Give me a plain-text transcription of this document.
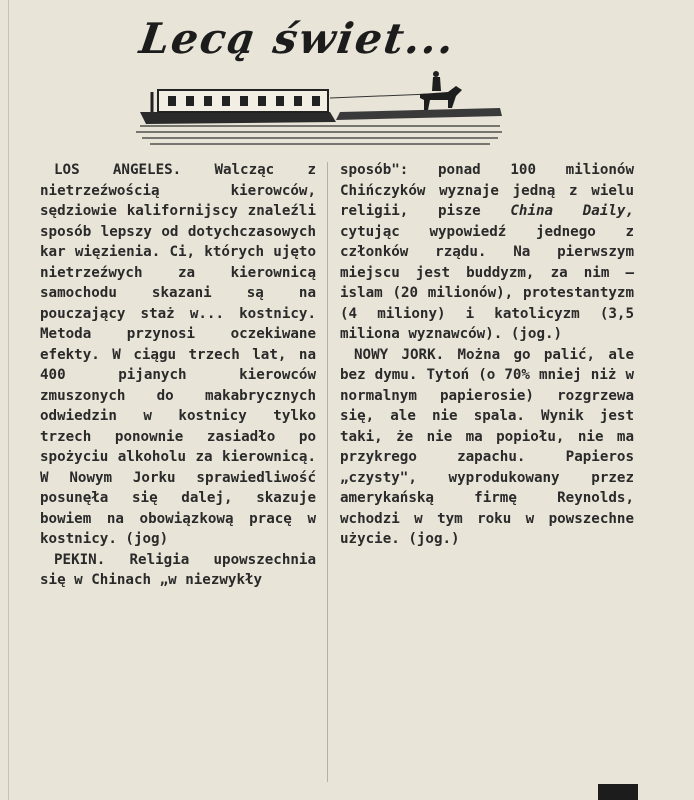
Lecą świet...

LOS ANGELES. Walcząc z nietrzeźwością kierowców, sędziowie kalifornijscy znaleźli sposób lepszy od dotychczasowych kar więzienia. Ci, których ujęto nietrzeźwych za kierownicą samochodu skazani są na pouczający staż w... kostnicy. Metoda przynosi oczekiwane efekty. W ciągu trzech lat, na 400 pijanych kierowców zmuszonych do makabrycznych odwiedzin w kostnicy tylko trzech ponownie zasiadło po spożyciu alkoholu za kierownicą. W Nowym Jorku sprawiedliwość posunęła się dalej, skazuje bowiem na obowiązkową pracę w kostnicy. (jog)

PEKIN. Religia upowszechnia się w Chinach „w niezwykły

sposób": ponad 100 milionów Chińczyków wyznaje jedną z wielu religii, pisze China Daily, cytując wypowiedź jednego z członków rządu. Na pierwszym miejscu jest buddyzm, za nim — islam (20 milionów), protestantyzm (4 miliony) i katolicyzm (3,5 miliona wyznawców). (jog.)

NOWY JORK. Można go palić, ale bez dymu. Tytoń (o 70% mniej niż w normalnym papierosie) rozgrzewa się, ale nie spala. Wynik jest taki, że nie ma popiołu, nie ma przykrego zapachu. Papieros „czysty", wyprodukowany przez amerykańską firmę Reynolds, wchodzi w tym roku w powszechne użycie. (jog.)
